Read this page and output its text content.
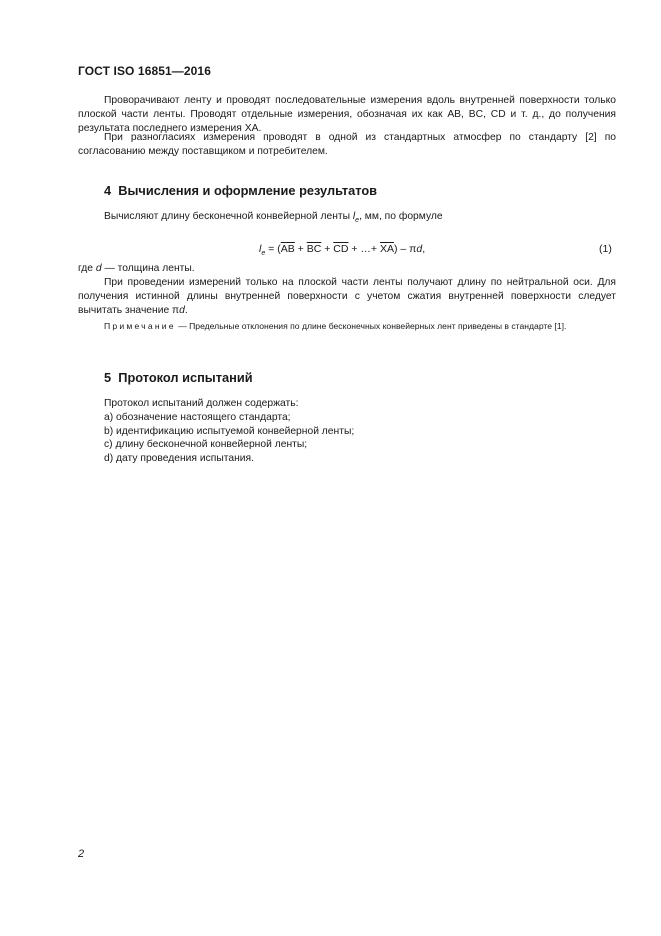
ГОСТ ISO 16851—2016

Проворачивают ленту и проводят последовательные измерения вдоль внутренней поверхности только плоской части ленты. Проводят отдельные измерения, обозначая их как AB, BC, CD и т. д., до получения результата последнего измерения XA.

При разногласиях измерения проводят в одной из стандартных атмосфер по стандарту [2] по согласованию между поставщиком и потребителем.

4 Вычисления и оформление результатов

Вычисляют длину бесконечной конвейерной ленты $l_e$, мм, по формуле

$l_e = (\overline{AB} + \overline{BC} + \overline{CD}$ + …+ $\overline{XA}$) – πd,	(1)

где d — толщина ленты.

При проведении измерений только на плоской части ленты получают длину по нейтральной оси. Для получения истинной длины внутренней поверхности с учетом сжатия внутренней поверхности следует вычитать значение πd.

Примечание — Предельные отклонения по длине бесконечных конвейерных лент приведены в стандарте [1].

5 Протокол испытаний
Протокол испытаний должен содержать:
a) обозначение настоящего стандарта;
b) идентификацию испытуемой конвейерной ленты;
c) длину бесконечной конвейерной ленты;
d) дату проведения испытания.
2
